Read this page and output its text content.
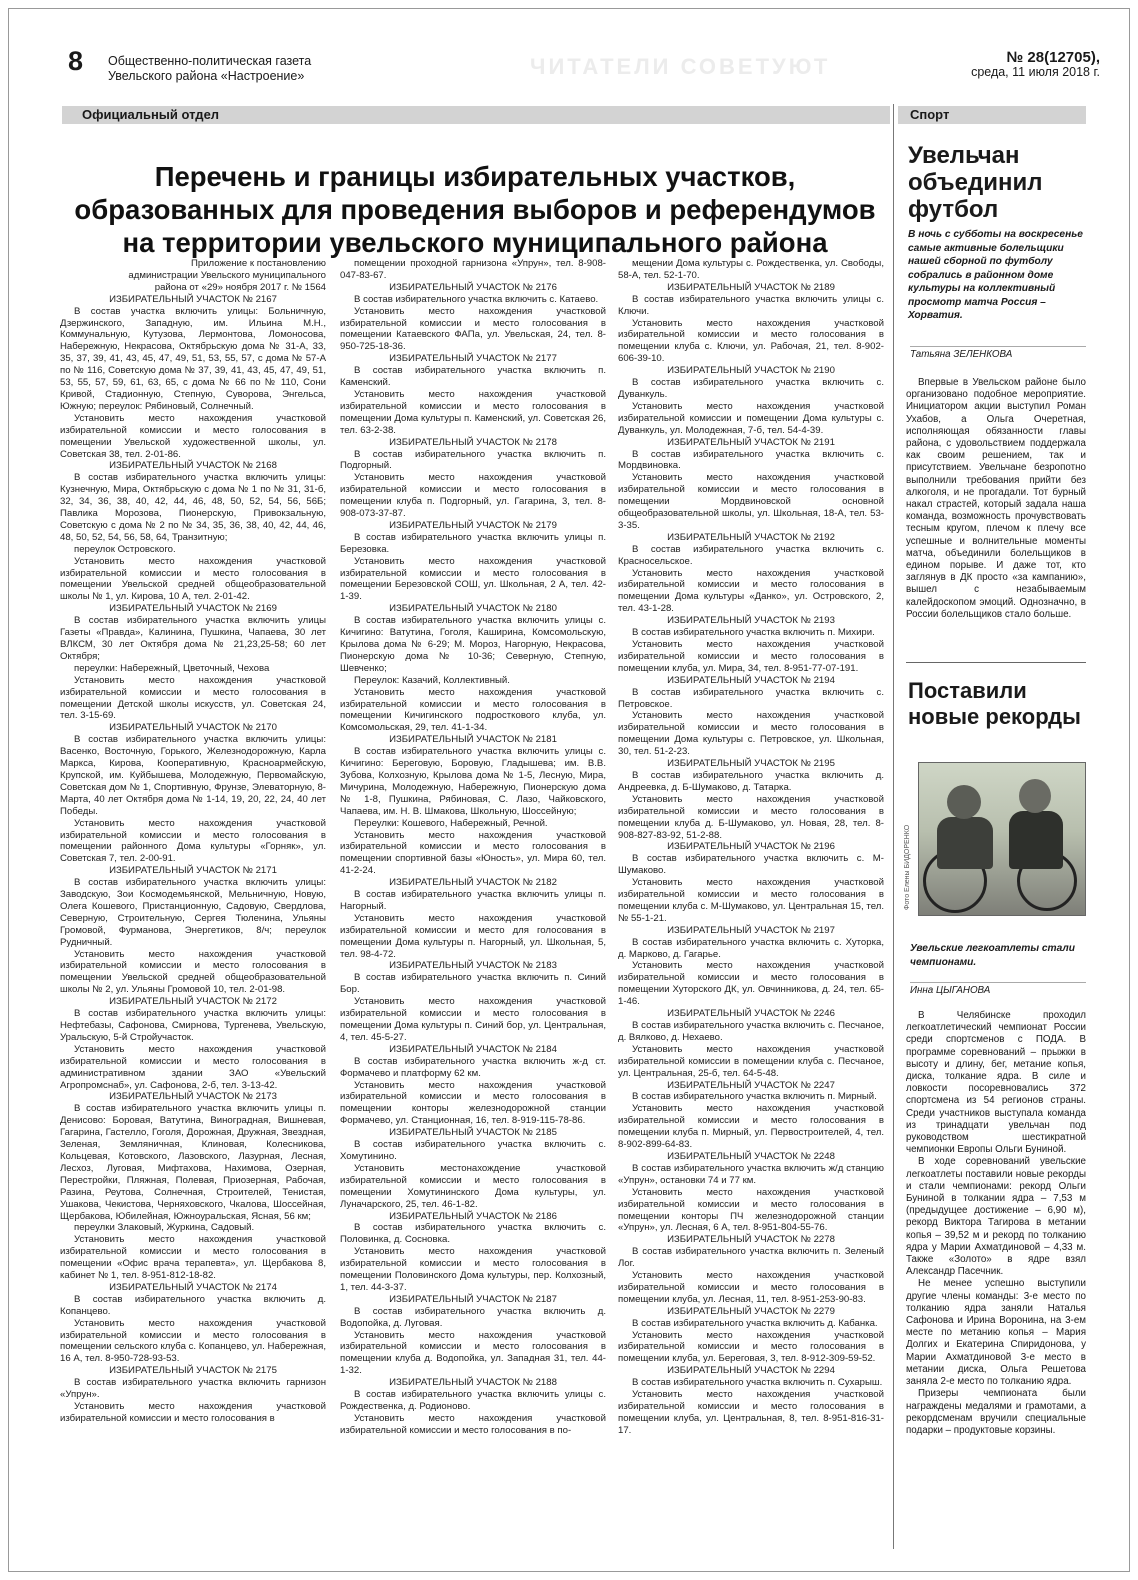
8 Общественно-политическая газета
Увельского района «Настроение»	ЧИТАТЕЛИ СОВЕТУЮТ	№ 28(12705),
среда, 11 июля 2018 г.
Официальный отдел	Спорт
Перечень и границы избирательных участков, образованных для проведения выборов и референдумов на территории увельского муниципального района

Приложение к постановлению администрации Увельского муниципального района от «29» ноября 2017 г. № 1564

ИЗБИРАТЕЛЬНЫЙ УЧАСТОК № 2167

В состав участка включить улицы: Больничную, Дзержинского, Западную, им. Ильина М.Н., Коммунальную, Кутузова, Лермонтова, Ломоносова, Набережную, Некрасова, Октябрьскую дома № 31-А, 33, 35, 37, 39, 41, 43, 45, 47, 49, 51, 53, 55, 57, с дома № 57-А по № 116, Советскую дома № 37, 39, 41, 43, 45, 47, 49, 51, 53, 55, 57, 59, 61, 63, 65, с дома № 66 по № 110, Сони Кривой, Стадионную, Степную, Суворова, Энгельса, Южную; переулок: Рябиновый, Солнечный.

Установить место нахождения участковой избирательной комиссии и место голосования в помещении Увельской художественной школы, ул. Советская 38, тел. 2-01-86.

ИЗБИРАТЕЛЬНЫЙ УЧАСТОК № 2168

В состав избирательного участка включить улицы: Кузнечную, Мира, Октябрьскую с дома № 1 по № 31, 31-б, 32, 34, 36, 38, 40, 42, 44, 46, 48, 50, 52, 54, 56, 56Б; Павлика Морозова, Пионерскую, Привокзальную, Советскую с дома № 2 по № 34, 35, 36, 38, 40, 42, 44, 46, 48, 50, 52, 54, 56, 58, 64, Транзитную;

переулок Островского.

Установить место нахождения участковой избирательной комиссии и место голосования в помещении Увельской средней общеобразовательной школы № 1, ул. Кирова, 10 А, тел. 2-01-42.

ИЗБИРАТЕЛЬНЫЙ УЧАСТОК № 2169

В состав избирательного участка включить улицы Газеты «Правда», Калинина, Пушкина, Чапаева, 30 лет ВЛКСМ, 30 лет Октября дома № 21,23,25-58; 60 лет Октября;

переулки: Набережный, Цветочный, Чехова

Установить место нахождения участковой избирательной комиссии и место голосования в помещении Детской школы искусств, ул. Советская 24, тел. 3-15-69.

ИЗБИРАТЕЛЬНЫЙ УЧАСТОК № 2170

В состав избирательного участка включить улицы: Васенко, Восточную, Горького, Железнодорожную, Карла Маркса, Кирова, Кооперативную, Красноармейскую, Крупской, им. Куйбышева, Молодежную, Первомайскую, Советская дом № 1, Спортивную, Фрунзе, Элеваторную, 8-Марта, 40 лет Октября дома № 1-14, 19, 20, 22, 24, 40 лет Победы.

Установить место нахождения участковой избирательной комиссии и место голосования в помещении районного Дома культуры «Горняк», ул. Советская 7, тел. 2-00-91.

ИЗБИРАТЕЛЬНЫЙ УЧАСТОК № 2171

В состав избирательного участка включить улицы: Заводскую, Зои Космодемьянской, Мельничную, Новую, Олега Кошевого, Пристанционную, Садовую, Свердлова, Северную, Строительную, Сергея Тюленина, Ульяны Громовой, Фурманова, Энергетиков, 8/ч; переулок Рудничный.

Установить место нахождения участковой избирательной комиссии и место голосования в помещении Увельской средней общеобразовательной школы № 2, ул. Ульяны Громовой 10, тел. 2-01-98.

ИЗБИРАТЕЛЬНЫЙ УЧАСТОК № 2172

В состав избирательного участка включить улицы: Нефтебазы, Сафонова, Смирнова, Тургенева, Увельскую, Уральскую, 5-й Стройучасток.

Установить место нахождения участковой избирательной комиссии и место голосования в административном здании ЗАО «Увельский Агропромснаб», ул. Сафонова, 2-б, тел. 3-13-42.

ИЗБИРАТЕЛЬНЫЙ УЧАСТОК № 2173

В состав избирательного участка включить улицы п. Денисово: Боровая, Ватутина, Виноградная, Вишневая, Гагарина, Гастелло, Гоголя, Дорожная, Дружная, Звездная, Зеленая, Земляничная, Клиновая, Колесникова, Кольцевая, Котовского, Лазовского, Лазурная, Лесная, Лесхоз, Луговая, Мифтахова, Нахимова, Озерная, Перестройки, Пляжная, Полевая, Приозерная, Рабочая, Разина, Реутова, Солнечная, Строителей, Тенистая, Ушакова, Чекистова, Черняховского, Чкалова, Шоссейная, Щербакова, Юбилейная, Южноуральская, Ясная, 56 км;

переулки Злаковый, Журкина, Садовый.

Установить место нахождения участковой избирательной комиссии и место голосования в помещении «Офис врача терапевта», ул. Щербакова 8, кабинет № 1, тел. 8-951-812-18-82.

ИЗБИРАТЕЛЬНЫЙ УЧАСТОК № 2174

В состав избирательного участка включить д. Копанцево.

Установить место нахождения участковой избирательной комиссии и место голосования в помещении сельского клуба с. Копанцево, ул. Набережная, 16 А, тел. 8-950-728-93-53.

ИЗБИРАТЕЛЬНЫЙ УЧАСТОК № 2175

В состав избирательного участка включить гарнизон «Упрун».

Установить место нахождения участковой избирательной комиссии и место голосования в

помещении проходной гарнизона «Упрун», тел. 8-908-047-83-67.

ИЗБИРАТЕЛЬНЫЙ УЧАСТОК № 2176

В состав избирательного участка включить с. Катаево.

Установить место нахождения участковой избирательной комиссии и место голосования в помещении Катаевского ФАПа, ул. Увельская, 24, тел. 8-950-725-18-36.

ИЗБИРАТЕЛЬНЫЙ УЧАСТОК № 2177

В состав избирательного участка включить п. Каменский.

Установить место нахождения участковой избирательной комиссии и место голосования в помещении Дома культуры п. Каменский, ул. Советская 26, тел. 63-2-38.

ИЗБИРАТЕЛЬНЫЙ УЧАСТОК № 2178

В состав избирательного участка включить п. Подгорный.

Установить место нахождения участковой избирательной комиссии и место голосования в помещении клуба п. Подгорный, ул. Гагарина, 3, тел. 8-908-073-37-87.

ИЗБИРАТЕЛЬНЫЙ УЧАСТОК № 2179

В состав избирательного участка включить улицы п. Березовка.

Установить место нахождения участковой избирательной комиссии и место голосования в помещении Березовской СОШ, ул. Школьная, 2 А, тел. 42-1-39.

ИЗБИРАТЕЛЬНЫЙ УЧАСТОК № 2180

В состав избирательного участка включить улицы с. Кичигино: Ватутина, Гоголя, Каширина, Комсомольскую, Крылова дома № 6-29; М. Мороз, Нагорную, Некрасова, Пионерскую дома № 10-36; Северную, Степную, Шевченко;

Переулок: Казачий, Коллективный.

Установить место нахождения участковой избирательной комиссии и место голосования в помещении Кичигинского подросткового клуба, ул. Комсомольская, 29, тел. 41-1-34.

ИЗБИРАТЕЛЬНЫЙ УЧАСТОК № 2181

В состав избирательного участка включить улицы с. Кичигино: Береговую, Боровую, Гладышева; им. В.В. Зубова, Колхозную, Крылова дома № 1-5, Лесную, Мира, Мичурина, Молодежную, Набережную, Пионерскую дома № 1-8, Пушкина, Рябиновая, С. Лазо, Чайковского, Чапаева, им. Н. В. Шмакова, Школьную, Шоссейную;

Переулки: Кошевого, Набережный, Речной.

Установить место нахождения участковой избирательной комиссии и место голосования в помещении спортивной базы «Юность», ул. Мира 60, тел. 41-2-24.

ИЗБИРАТЕЛЬНЫЙ УЧАСТОК № 2182

В состав избирательного участка включить улицы п. Нагорный.

Установить место нахождения участковой избирательной комиссии и место для голосования в помещении Дома культуры п. Нагорный, ул. Школьная, 5, тел. 98-4-72.

ИЗБИРАТЕЛЬНЫЙ УЧАСТОК № 2183

В состав избирательного участка включить п. Синий Бор.

Установить место нахождения участковой избирательной комиссии и место голосования в помещении Дома культуры п. Синий бор, ул. Центральная, 4, тел. 45-5-27.

ИЗБИРАТЕЛЬНЫЙ УЧАСТОК № 2184

В состав избирательного участка включить ж-д ст. Формачево и платформу 62 км.

Установить место нахождения участковой избирательной комиссии и место голосования в помещении конторы железнодорожной станции Формачево, ул. Станционная, 16, тел. 8-919-115-78-86.

ИЗБИРАТЕЛЬНЫЙ УЧАСТОК № 2185

В состав избирательного участка включить с. Хомутинино.

Установить местонахождение участковой избирательной комиссии и место голосования в помещении Хомутининского Дома культуры, ул. Луначарского, 25, тел. 46-1-82.

ИЗБИРАТЕЛЬНЫЙ УЧАСТОК № 2186

В состав избирательного участка включить с. Половинка, д. Сосновка.

Установить место нахождения участковой избирательной комиссии и место голосования в помещении Половинского Дома культуры, пер. Колхозный, 1, тел. 44-3-37.

ИЗБИРАТЕЛЬНЫЙ УЧАСТОК № 2187

В состав избирательного участка включить д. Водопойка, д. Луговая.

Установить место нахождения участковой избирательной комиссии и место голосования в помещении клуба д. Водопойка, ул. Западная 31, тел. 44-1-32.

ИЗБИРАТЕЛЬНЫЙ УЧАСТОК № 2188

В состав избирательного участка включить улицы с. Рождественка, д. Родионово.

Установить место нахождения участковой избирательной комиссии и место голосования в по-

мещении Дома культуры с. Рождественка, ул. Свободы, 58-А, тел. 52-1-70.

ИЗБИРАТЕЛЬНЫЙ УЧАСТОК № 2189

В состав избирательного участка включить улицы с. Ключи.

Установить место нахождения участковой избирательной комиссии и место голосования в помещении клуба с. Ключи, ул. Рабочая, 21, тел. 8-902-606-39-10.

ИЗБИРАТЕЛЬНЫЙ УЧАСТОК № 2190

В состав избирательного участка включить с. Дуванкуль.

Установить место нахождения участковой избирательной комиссии и помещении Дома культуры с. Дуванкуль, ул. Молодежная, 7-б, тел. 54-4-39.

ИЗБИРАТЕЛЬНЫЙ УЧАСТОК № 2191

В состав избирательного участка включить с. Мордвиновка.

Установить место нахождения участковой избирательной комиссии и место голосования в помещении Мордвиновской основной общеобразовательной школы, ул. Школьная, 18-А, тел. 53-3-35.

ИЗБИРАТЕЛЬНЫЙ УЧАСТОК № 2192

В состав избирательного участка включить с. Красносельское.

Установить место нахождения участковой избирательной комиссии и место голосования в помещении Дома культуры «Данко», ул. Островского, 2, тел. 43-1-28.

ИЗБИРАТЕЛЬНЫЙ УЧАСТОК № 2193

В состав избирательного участка включить п. Михири.

Установить место нахождения участковой избирательной комиссии и место голосования в помещении клуба, ул. Мира, 34, тел. 8-951-77-07-191.

ИЗБИРАТЕЛЬНЫЙ УЧАСТОК № 2194

В состав избирательного участка включить с. Петровское.

Установить место нахождения участковой избирательной комиссии и место голосования в помещении Дома культуры с. Петровское, ул. Школьная, 30, тел. 51-2-23.

ИЗБИРАТЕЛЬНЫЙ УЧАСТОК № 2195

В состав избирательного участка включить д. Андреевка, д. Б-Шумаково, д. Татарка.

Установить место нахождения участковой избирательной комиссии и место голосования в помещении клуба д. Б-Шумаково, ул. Новая, 28, тел. 8-908-827-83-92, 51-2-88.

ИЗБИРАТЕЛЬНЫЙ УЧАСТОК № 2196

В состав избирательного участка включить с. М-Шумаково.

Установить место нахождения участковой избирательной комиссии и место голосования в помещении клуба с. М-Шумаково, ул. Центральная 15, тел. № 55-1-21.

ИЗБИРАТЕЛЬНЫЙ УЧАСТОК № 2197

В состав избирательного участка включить с. Хуторка, д. Марково, д. Гагарье.

Установить место нахождения участковой избирательной комиссии и место голосования в помещении Хуторского ДК, ул. Овчинникова, д. 24, тел. 65-1-46.

ИЗБИРАТЕЛЬНЫЙ УЧАСТОК № 2246

В состав избирательного участка включить с. Песчаное, д. Вялково, д. Нехаево.

Установить место нахождения участковой избирательной комиссии в помещении клуба с. Песчаное, ул. Центральная, 25-б, тел. 64-5-48.

ИЗБИРАТЕЛЬНЫЙ УЧАСТОК № 2247

В состав избирательного участка включить п. Мирный.

Установить место нахождения участковой избирательной комиссии и место голосования в помещении клуба п. Мирный, ул. Первостроителей, 4, тел. 8-902-899-64-83.

ИЗБИРАТЕЛЬНЫЙ УЧАСТОК № 2248

В состав избирательного участка включить ж/д станцию «Упрун», остановки 74 и 77 км.

Установить место нахождения участковой избирательной комиссии и место голосования в помещении конторы ПЧ железнодорожной станции «Упрун», ул. Лесная, 6 А, тел. 8-951-804-55-76.

ИЗБИРАТЕЛЬНЫЙ УЧАСТОК № 2278

В состав избирательного участка включить п. Зеленый Лог.

Установить место нахождения участковой избирательной комиссии и место голосования в помещении клуба, ул. Лесная, 11, тел. 8-951-253-90-83.

ИЗБИРАТЕЛЬНЫЙ УЧАСТОК № 2279

В состав избирательного участка включить д. Кабанка.

Установить место нахождения участковой избирательной комиссии и место голосования в помещении клуба, ул. Береговая, 3, тел. 8-912-309-59-52.

ИЗБИРАТЕЛЬНЫЙ УЧАСТОК № 2294

В состав избирательного участка включить п. Сухарыш.

Установить место нахождения участковой избирательной комиссии и место голосования в помещении клуба, ул. Центральная, 8, тел. 8-951-816-31-17.

Увельчан объединил футбол
В ночь с субботы на воскресенье самые активные болельщики нашей сборной по футболу собрались в районном доме культуры на коллективный просмотр матча Россия – Хорватия.
Татьяна ЗЕЛЕНКОВА

Впервые в Увельском районе было организовано подобное мероприятие. Инициатором акции выступил Роман Ухабов, а Ольга Очеретная, исполняющая обязанности главы района, с удовольствием поддержала как своим решением, так и присутствием. Увельчане безропотно выполнили требования прийти без алкоголя, и не прогадали. Тот бурный накал страстей, который задала наша команда, возможность прочувствовать тесным кругом, плечом к плечу все успешные и волнительные моменты матча, объединили болельщиков в едином порыве. И даже тот, кто заглянув в ДК просто «за кампанию», вышел с незабываемым калейдоскопом эмоций. Однозначно, в России болельщиков стало больше.

Поставили новые рекорды
Фото Елены БИДОРЕНКО
Увельские легкоатлеты стали чемпионами.
Инна ЦЫГАНОВА

В Челябинске проходил легкоатлетический чемпионат России среди спортсменов с ПОДА. В программе соревнований – прыжки в высоту и длину, бег, метание копья, диска, толкание ядра. В силе и ловкости посоревновались 372 спортсмена из 54 регионов страны. Среди участников выступала команда из тринадцати увельчан под руководством шестикратной чемпионки Европы Ольги Буниной.

В ходе соревнований увельские легкоатлеты поставили новые рекорды и стали чемпионами: рекорд Ольги Буниной в толкании ядра – 7,53 м (предыдущее достижение – 6,90 м), рекорд Виктора Тагирова в метании копья – 39,52 м и рекорд по толканию ядра у Марии Ахматдиновой – 4,33 м. Также «Золото» в ядре взял Александр Пасечник.

Не менее успешно выступили другие члены команды: 3-е место по толканию ядра заняли Наталья Сафонова и Ирина Воронина, на 3-ем месте по метанию копья – Мария Долгих и Екатерина Спиридонова, у Марии Ахматдиновой 3-е место в метании диска, Ольга Решетова заняла 2-е место по толканию ядра.

Призеры чемпионата были награждены медалями и грамотами, а рекордсменам вручили специальные подарки – продуктовые корзины.
